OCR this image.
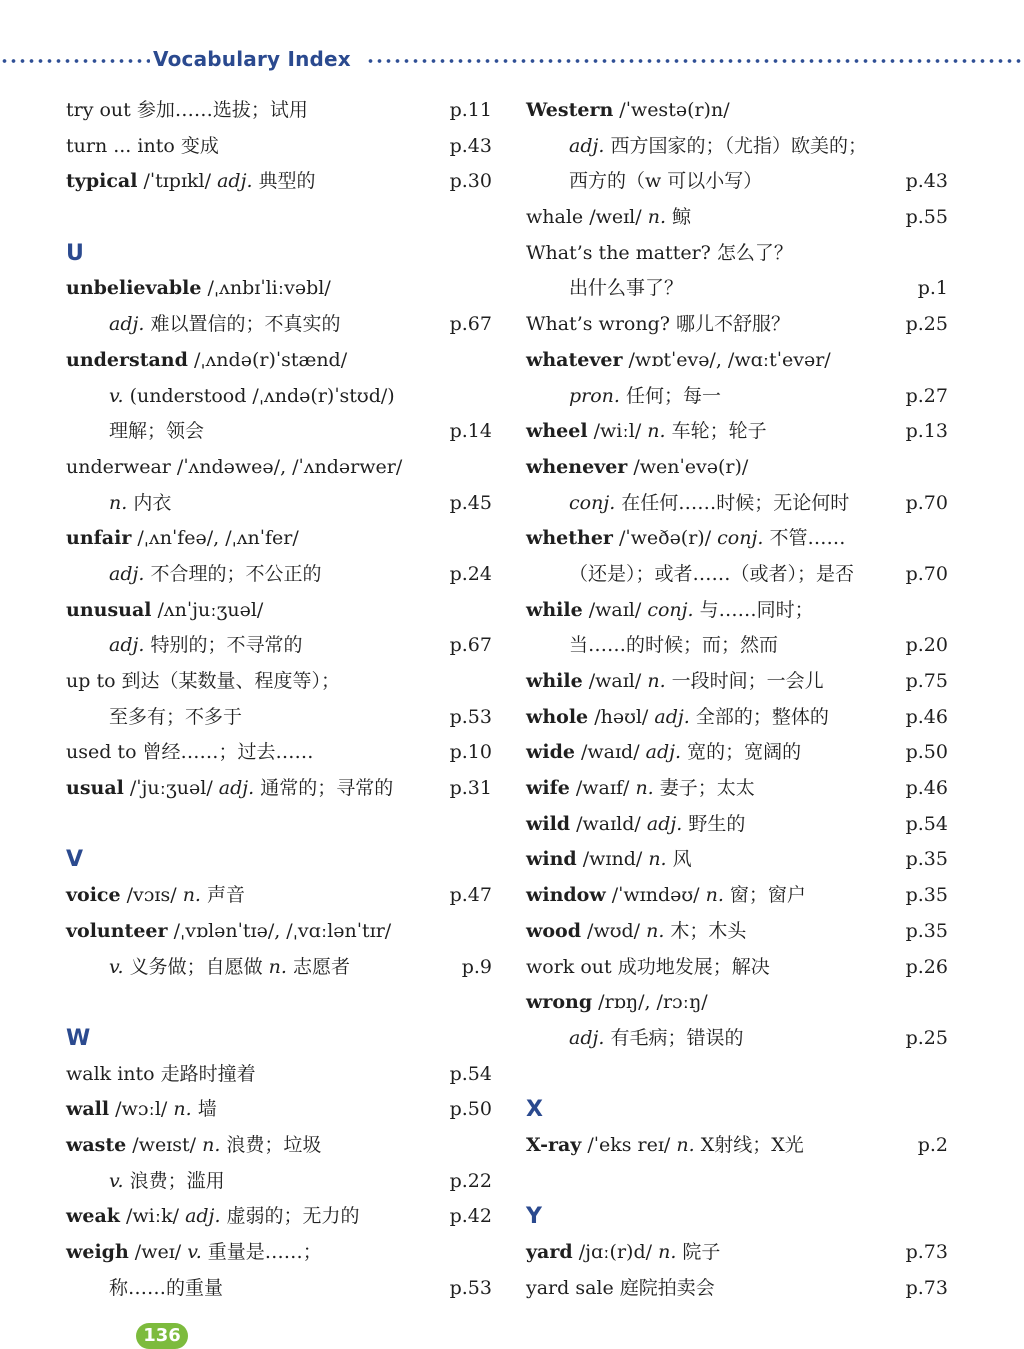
Vocabulary Index
try out 参加……选拔；试用	p.11
turn ... into 变成	p.43
typical /ˈtɪpɪkl/ adj. 典型的	p.30
U
unbelievable /ˌʌnbɪˈliːvəbl/
adj. 难以置信的；不真实的	p.67
understand /ˌʌndə(r)ˈstænd/
v. (understood /ˌʌndə(r)ˈstʊd/)
理解；领会	p.14
underwear /ˈʌndəweə/, /ˈʌndərwer/
n. 内衣	p.45
unfair /ˌʌnˈfeə/, /ˌʌnˈfer/
adj. 不合理的；不公正的	p.24
unusual /ʌnˈjuːʒuəl/
adj. 特别的；不寻常的	p.67
up to 到达（某数量、程度等）；
至多有；不多于	p.53
used to 曾经……；过去……	p.10
usual /ˈjuːʒuəl/ adj. 通常的；寻常的	p.31
V
voice /vɔɪs/ n. 声音	p.47
volunteer /ˌvɒlənˈtɪə/, /ˌvɑːlənˈtɪr/
v. 义务做；自愿做 n. 志愿者	p.9
W
walk into 走路时撞着	p.54
wall /wɔːl/ n. 墙	p.50
waste /weɪst/ n. 浪费；垃圾
v. 浪费；滥用	p.22
weak /wiːk/ adj. 虚弱的；无力的	p.42
weigh /weɪ/ v. 重量是……；
称……的重量	p.53
Western /ˈwestə(r)n/
adj. 西方国家的；（尤指）欧美的；
西方的（w 可以小写）	p.43
whale /weɪl/ n. 鲸	p.55
What’s the matter? 怎么了？
出什么事了？	p.1
What’s wrong? 哪儿不舒服？	p.25
whatever /wɒtˈevə/, /wɑːtˈevər/
pron. 任何；每一	p.27
wheel /wiːl/ n. 车轮；轮子	p.13
whenever /wenˈevə(r)/
conj. 在任何……时候；无论何时	p.70
whether /ˈweðə(r)/ conj. 不管……
（还是）；或者……（或者）；是否	p.70
while /waɪl/ conj. 与……同时；
当……的时候；而；然而	p.20
while /waɪl/ n. 一段时间；一会儿	p.75
whole /həʊl/ adj. 全部的；整体的	p.46
wide /waɪd/ adj. 宽的；宽阔的	p.50
wife /waɪf/ n. 妻子；太太	p.46
wild /waɪld/ adj. 野生的	p.54
wind /wɪnd/ n. 风	p.35
window /ˈwɪndəʊ/ n. 窗；窗户	p.35
wood /wʊd/ n. 木；木头	p.35
work out 成功地发展；解决	p.26
wrong /rɒŋ/, /rɔːŋ/
adj. 有毛病；错误的	p.25
X
X-ray /ˈeks reɪ/ n. X射线；X光	p.2
Y
yard /jɑː(r)d/ n. 院子	p.73
yard sale 庭院拍卖会	p.73
136
